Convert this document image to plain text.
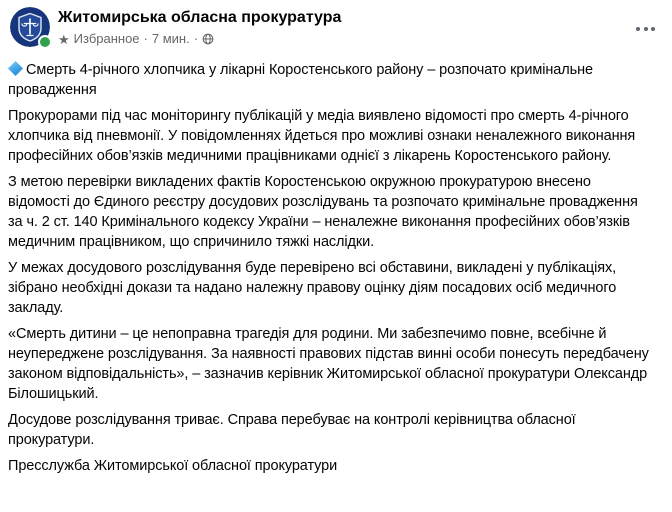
Житомирська обласна прокуратура
★ Избранное · 7 мин. ·

Смерть 4-річного хлопчика у лікарні Коростенського району – розпочато кримінальне провадження

Прокурорами під час моніторингу публікацій у медіа виявлено відомості про смерть 4-річного хлопчика від пневмонії. У повідомленнях йдеться про можливі ознаки неналежного виконання професійних обов’язків медичними працівниками однієї з лікарень Коростенського району.

З метою перевірки викладених фактів Коростенською окружною прокуратурою внесено відомості до Єдиного реєстру досудових розслідувань та розпочато кримінальне провадження за ч. 2 ст. 140 Кримінального кодексу України – неналежне виконання професійних обов’язків медичним працівником, що спричинило тяжкі наслідки.

У межах досудового розслідування буде перевірено всі обставини, викладені у публікаціях, зібрано необхідні докази та надано належну правову оцінку діям посадових осіб медичного закладу.

«Смерть дитини – це непоправна трагедія для родини. Ми забезпечимо повне, всебічне й неупереджене розслідування. За наявності правових підстав винні особи понесуть передбачену законом відповідальність», – зазначив керівник Житомирської обласної прокуратури Олександр Білошицький.

Досудове розслідування триває. Справа перебуває на контролі керівництва обласної прокуратури.

Пресслужба Житомирської обласної прокуратури
